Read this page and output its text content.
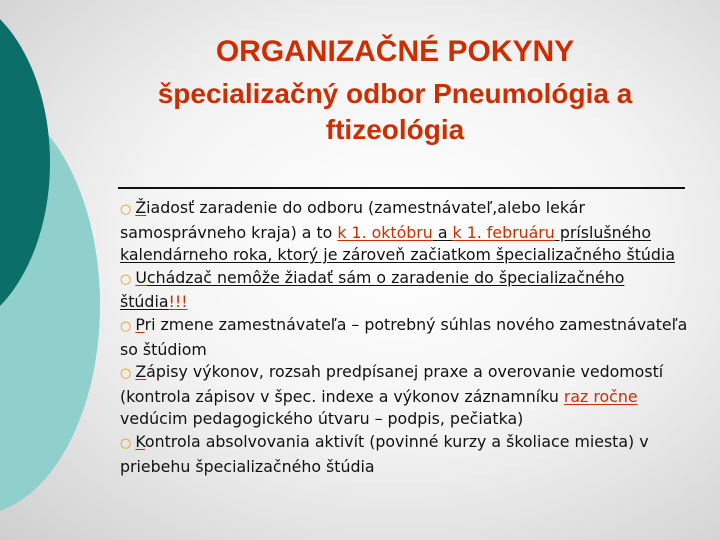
ORGANIZAČNÉ POKYNY
špecializačný odbor Pneumológia a
ftizeológia
○ Žiadosť zaradenie do odboru (zamestnávateľ,alebo lekár samosprávneho kraja) a to k 1. októbru a k 1. februáru príslušného kalendárneho roka, ktorý je zároveň začiatkom špecializačného štúdia
○ Uchádzač nemôže žiadať sám o zaradenie do špecializačného štúdia!!!
○ Pri zmene zamestnávateľa – potrebný súhlas nového zamestnávateľa so štúdiom
○ Zápisy výkonov, rozsah predpísanej praxe a overovanie vedomostí (kontrola zápisov v špec. indexe a výkonov záznamníku raz ročne vedúcim pedagogického útvaru – podpis, pečiatka)
○ Kontrola absolvovania aktivít (povinné kurzy a školiace miesta) v priebehu špecializačného štúdia
